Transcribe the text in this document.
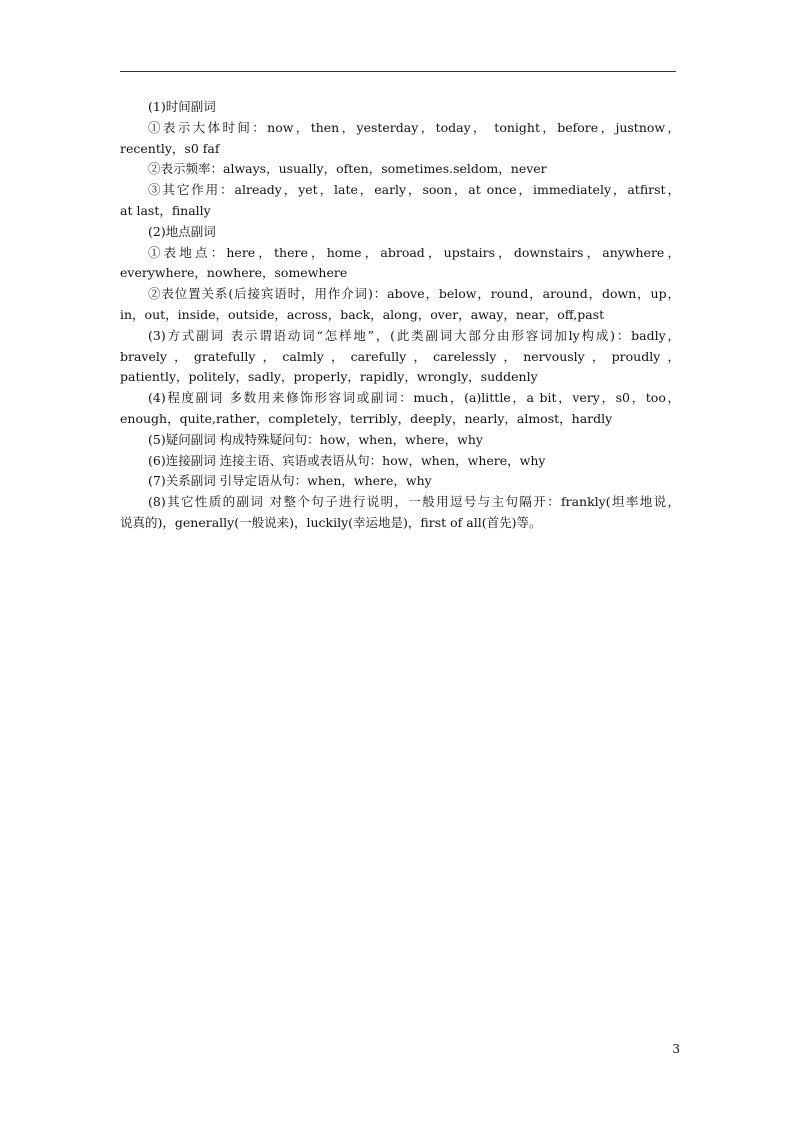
(1)时间副词

①表示大体时间：now，then，yesterday，today， tonight，before，justnow，

recently，s0 faf

②表示频率：always，usually，often，sometimes.seldom，never

③其它作用：already，yet，late，early，soon，at once，immediately，atfirst，

at last，finally

(2)地点副词

①表地点：here，there，home，abroad，upstairs，downstairs，anywhere，

everywhere，nowhere，somewhere

②表位置关系(后接宾语时，用作介词)：above，below，round，around，down，up，

in，out，inside，outside，across，back，along，over，away，near，off,past

(3)方式副词 表示谓语动词“怎样地”，(此类副词大部分由形容词加ly构成)：badly，

bravely，gratefully，calmly，carefully，carelessly，nervously，proudly，

patiently，politely，sadly，properly，rapidly，wrongly，suddenly

(4)程度副词 多数用来修饰形容词或副词：much，(a)little，a bit，very，s0，too，

enough，quite,rather，completely，terribly，deeply，nearly，almost，hardly

(5)疑问副词 构成特殊疑问句：how，when，where，why

(6)连接副词 连接主语、宾语或表语从句：how，when，where，why

(7)关系副词 引导定语从句：when，where，why

(8)其它性质的副词 对整个句子进行说明，一般用逗号与主句隔开：frankly(坦率地说，

说真的)，generally(一般说来)，luckily(幸运地是)，first of all(首先)等。

3
